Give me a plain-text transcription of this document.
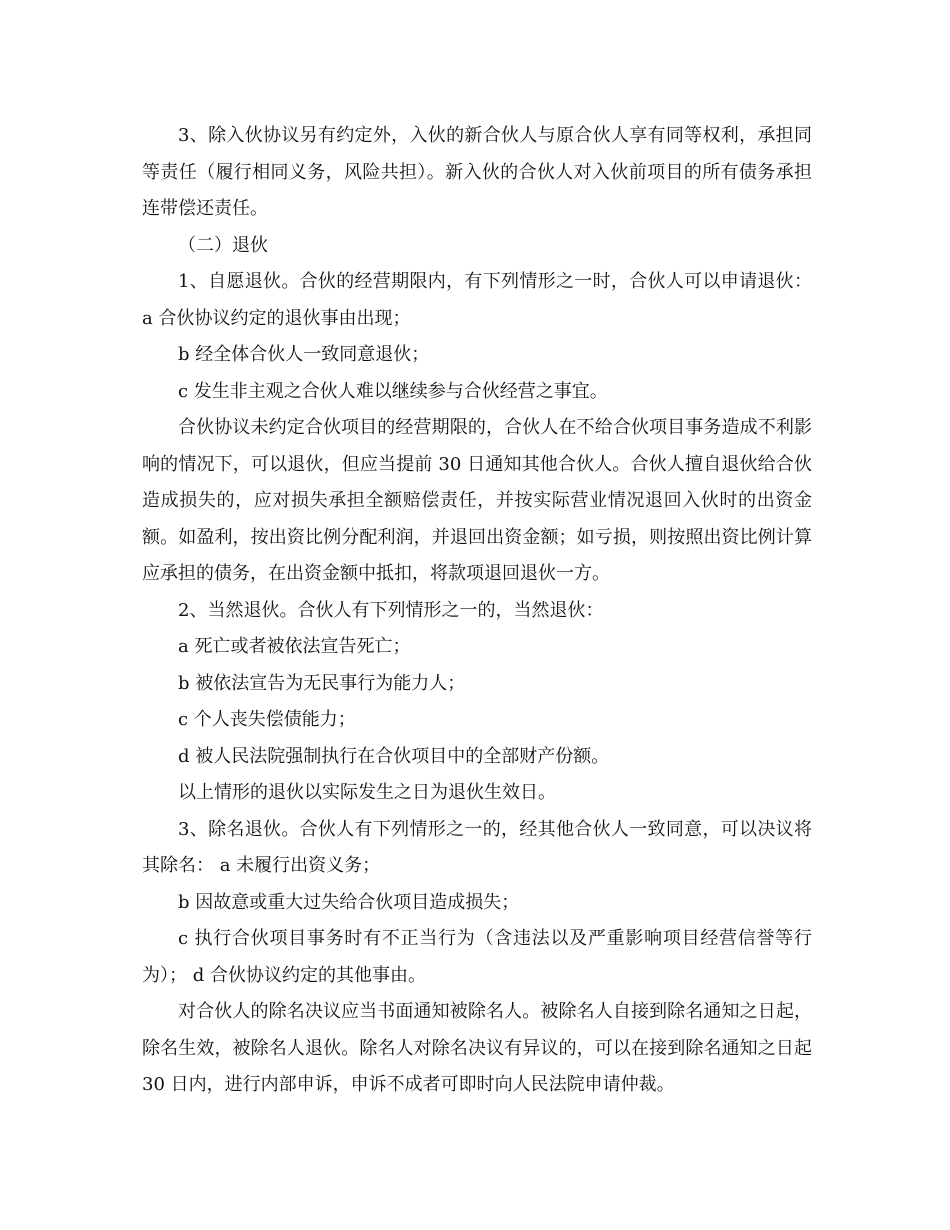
3、除入伙协议另有约定外，入伙的新合伙人与原合伙人享有同等权利，承担同等责任（履行相同义务，风险共担）。新入伙的合伙人对入伙前项目的所有债务承担连带偿还责任。

（二）退伙

1、自愿退伙。合伙的经营期限内，有下列情形之一时，合伙人可以申请退伙： a 合伙协议约定的退伙事由出现；

b 经全体合伙人一致同意退伙；

c 发生非主观之合伙人难以继续参与合伙经营之事宜。

合伙协议未约定合伙项目的经营期限的，合伙人在不给合伙项目事务造成不利影响的情况下，可以退伙，但应当提前 30 日通知其他合伙人。合伙人擅自退伙给合伙造成损失的，应对损失承担全额赔偿责任，并按实际营业情况退回入伙时的出资金额。如盈利，按出资比例分配利润，并退回出资金额；如亏损，则按照出资比例计算应承担的债务，在出资金额中抵扣，将款项退回退伙一方。

2、当然退伙。合伙人有下列情形之一的，当然退伙：

a 死亡或者被依法宣告死亡；

b 被依法宣告为无民事行为能力人；

c 个人丧失偿债能力；

d 被人民法院强制执行在合伙项目中的全部财产份额。

以上情形的退伙以实际发生之日为退伙生效日。

3、除名退伙。合伙人有下列情形之一的，经其他合伙人一致同意，可以决议将其除名： a 未履行出资义务；

b 因故意或重大过失给合伙项目造成损失；

c 执行合伙项目事务时有不正当行为（含违法以及严重影响项目经营信誉等行为）； d 合伙协议约定的其他事由。

对合伙人的除名决议应当书面通知被除名人。被除名人自接到除名通知之日起，除名生效，被除名人退伙。除名人对除名决议有异议的，可以在接到除名通知之日起 30 日内，进行内部申诉，申诉不成者可即时向人民法院申请仲裁。
